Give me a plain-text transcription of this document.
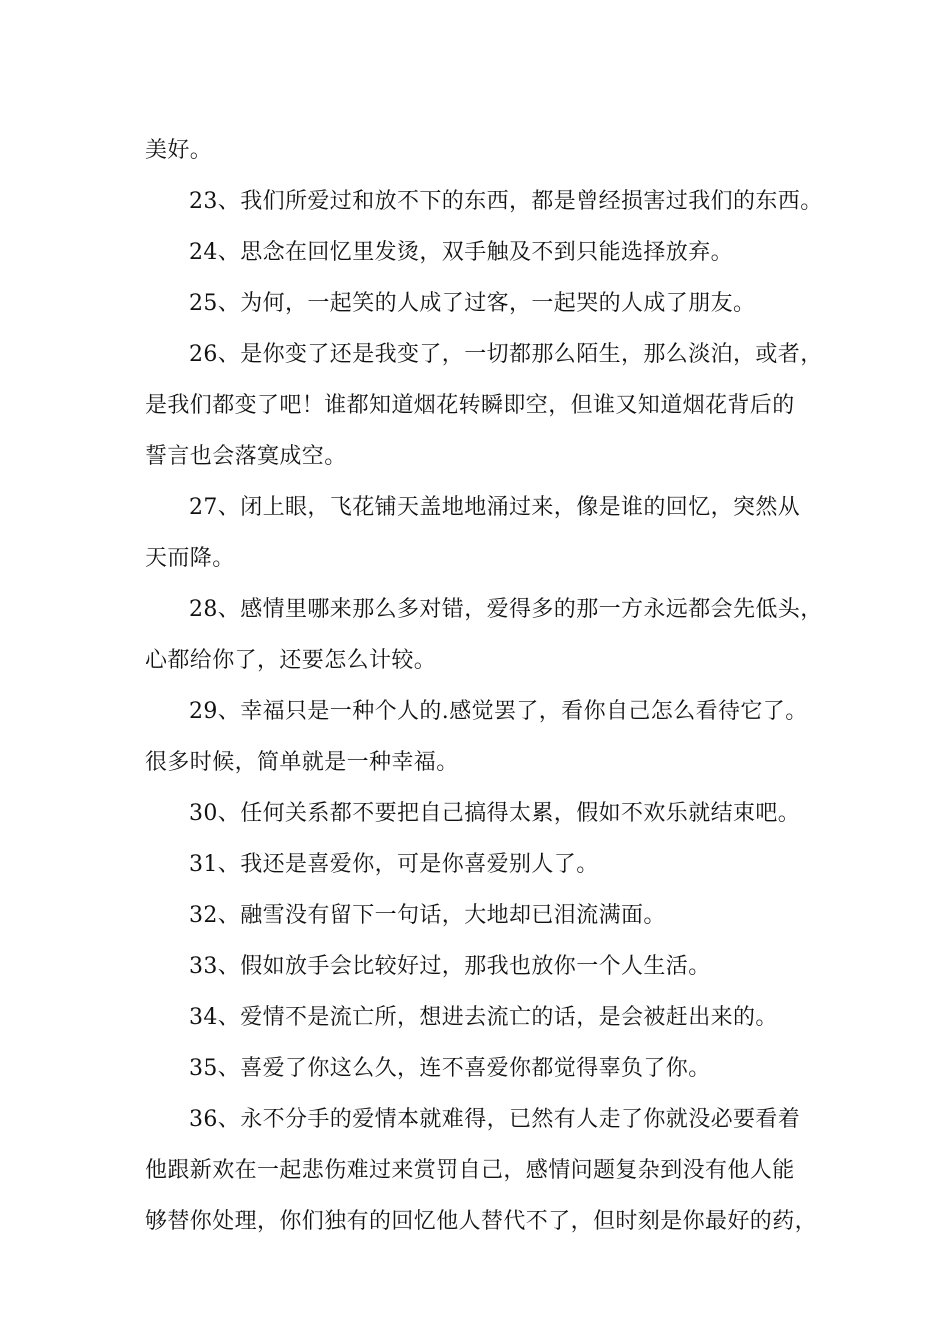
美好。
23、我们所爱过和放不下的东西，都是曾经损害过我们的东西。
24、思念在回忆里发烫，双手触及不到只能选择放弃。
25、为何，一起笑的人成了过客，一起哭的人成了朋友。
26、是你变了还是我变了，一切都那么陌生，那么淡泊，或者，
是我们都变了吧！谁都知道烟花转瞬即空，但谁又知道烟花背后的
誓言也会落寞成空。
27、闭上眼，飞花铺天盖地地涌过来，像是谁的回忆，突然从
天而降。
28、感情里哪来那么多对错，爱得多的那一方永远都会先低头，
心都给你了，还要怎么计较。
29、幸福只是一种个人的.感觉罢了，看你自己怎么看待它了。
很多时候，简单就是一种幸福。
30、任何关系都不要把自己搞得太累，假如不欢乐就结束吧。
31、我还是喜爱你，可是你喜爱别人了。
32、融雪没有留下一句话，大地却已泪流满面。
33、假如放手会比较好过，那我也放你一个人生活。
34、爱情不是流亡所，想进去流亡的话，是会被赶出来的。
35、喜爱了你这么久，连不喜爱你都觉得辜负了你。
36、永不分手的爱情本就难得，已然有人走了你就没必要看着
他跟新欢在一起悲伤难过来赏罚自己，感情问题复杂到没有他人能
够替你处理，你们独有的回忆他人替代不了，但时刻是你最好的药，
